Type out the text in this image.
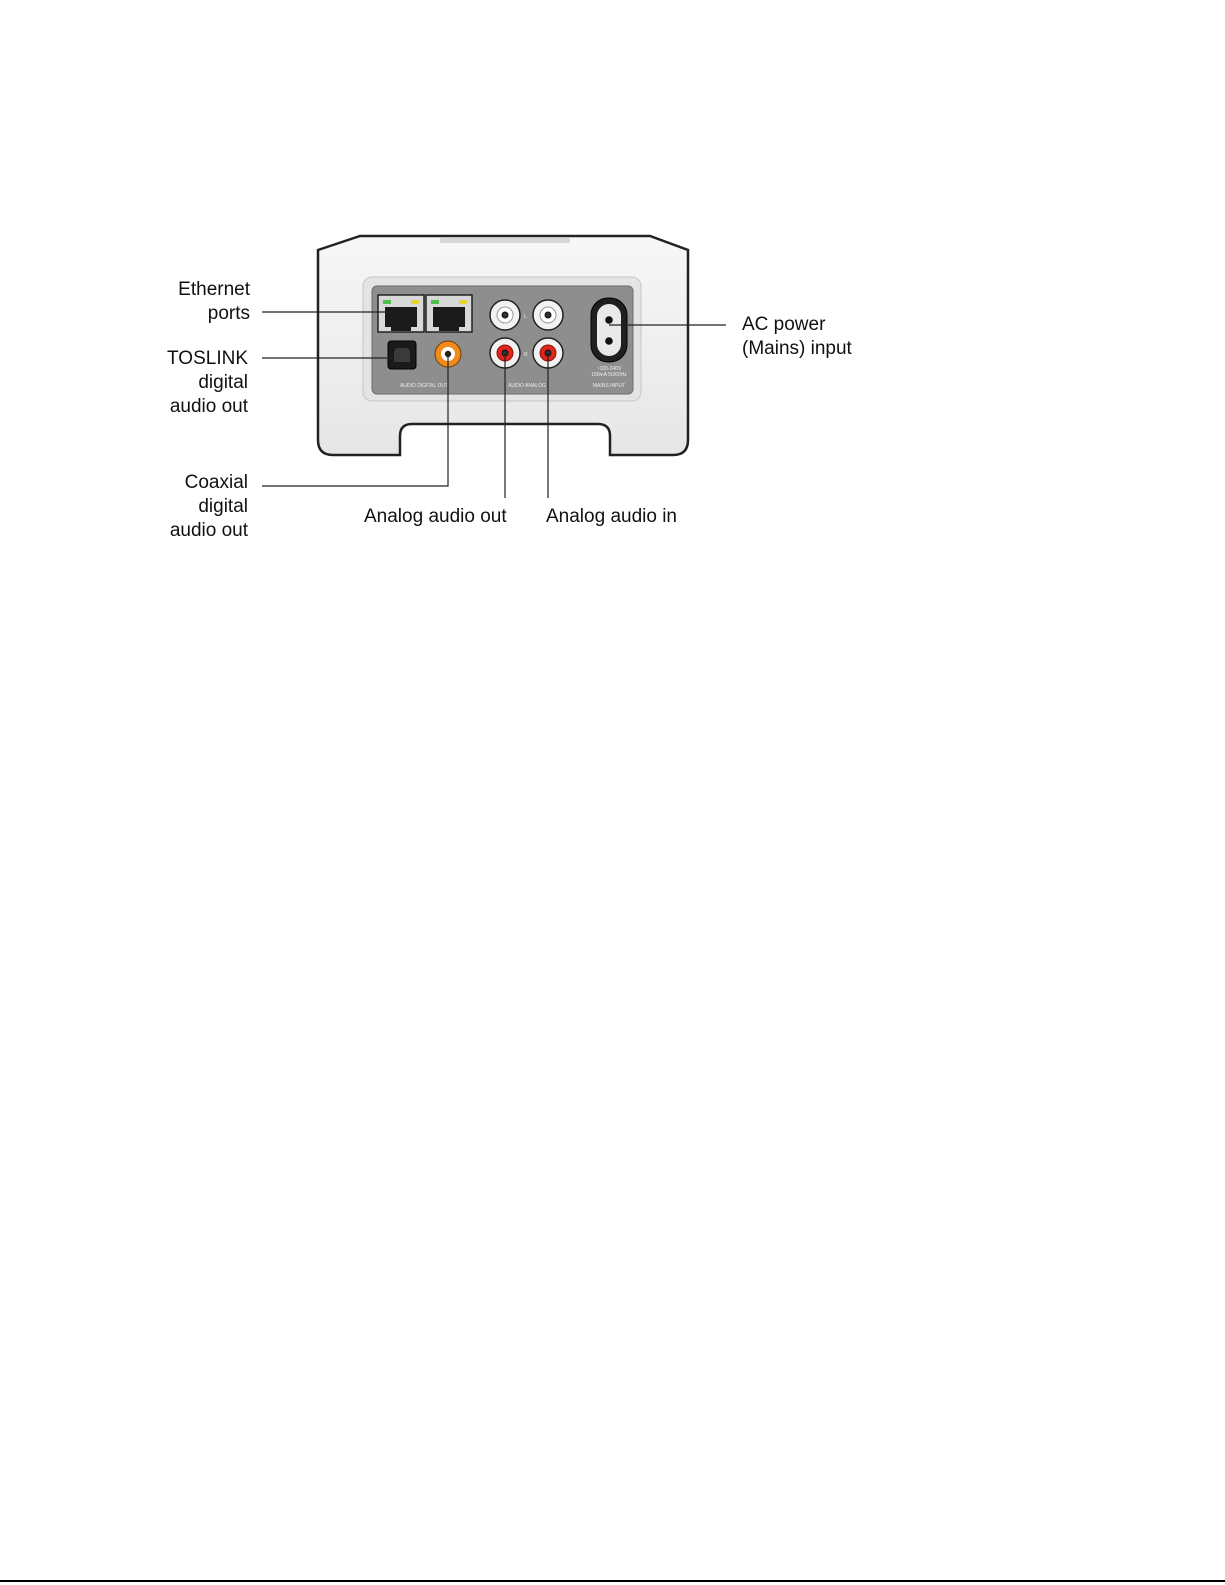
L
R
~100-240V
150mA 50/60Hz
AUDIO DIGITAL OUT	AUDIO ANALOG	MAINS INPUT

Ethernet
ports

TOSLINK
digital
audio out

Coaxial
digital
audio out

Analog audio out	Analog audio in

AC power
(Mains) input
